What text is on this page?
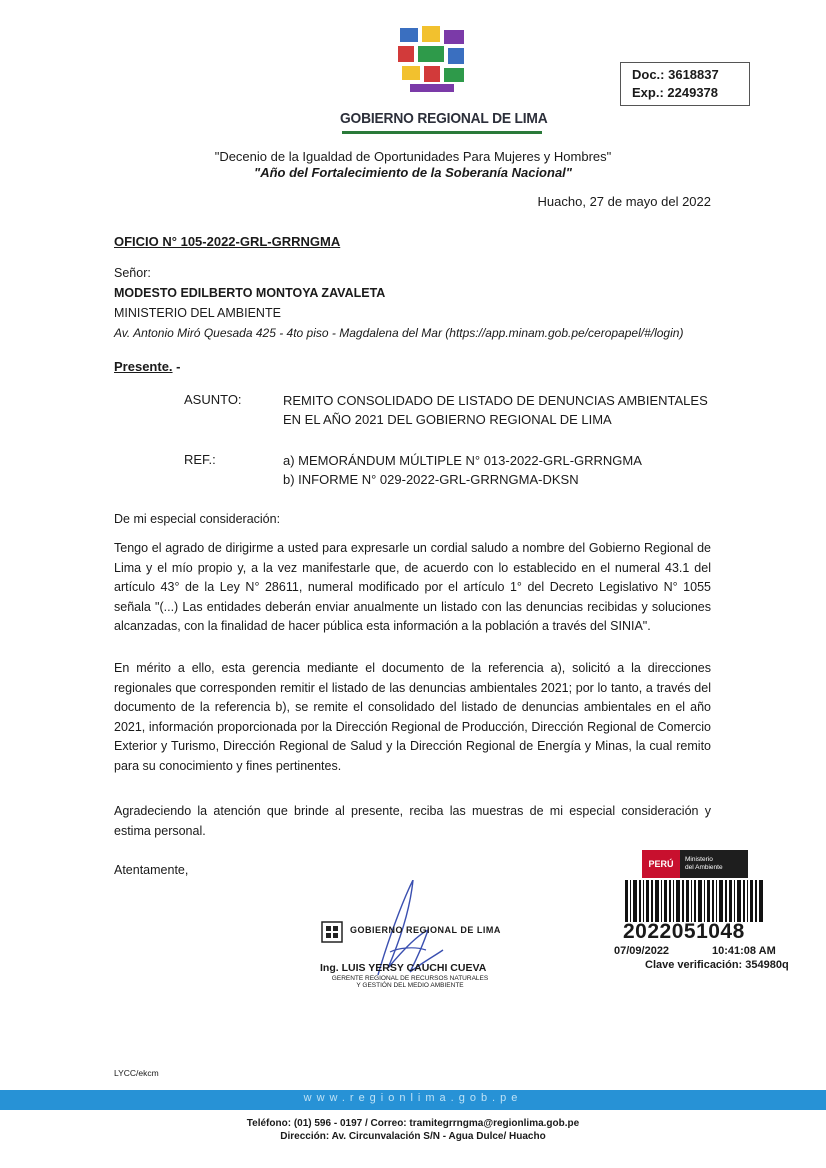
GOBIERNO REGIONAL DE LIMA
Doc.: 3618837
Exp.: 2249378
"Decenio de la Igualdad de Oportunidades Para Mujeres y Hombres"
"Año del Fortalecimiento de la Soberanía Nacional"
Huacho, 27 de mayo del 2022
OFICIO N° 105-2022-GRL-GRRNGMA
Señor:
MODESTO EDILBERTO MONTOYA ZAVALETA
MINISTERIO DEL AMBIENTE
Av. Antonio Miró Quesada 425 - 4to piso - Magdalena del Mar (https://app.minam.gob.pe/ceropapel/#/login)
Presente. -
ASUNTO:	REMITO CONSOLIDADO DE LISTADO DE DENUNCIAS AMBIENTALES
EN EL AÑO 2021 DEL GOBIERNO REGIONAL DE LIMA
REF.:	a) MEMORÁNDUM MÚLTIPLE N° 013-2022-GRL-GRRNGMA
b) INFORME N° 029-2022-GRL-GRRNGMA-DKSN
De mi especial consideración:
Tengo el agrado de dirigirme a usted para expresarle un cordial saludo a nombre del Gobierno Regional de Lima y el mío propio y, a la vez manifestarle que, de acuerdo con lo establecido en el numeral 43.1 del artículo 43° de la Ley N° 28611, numeral modificado por el artículo 1° del Decreto Legislativo N° 1055 señala "(...) Las entidades deberán enviar anualmente un listado con las denuncias recibidas y soluciones alcanzadas, con la finalidad de hacer pública esta información a la población a través del SINIA".
En mérito a ello, esta gerencia mediante el documento de la referencia a), solicitó a la direcciones regionales que corresponden remitir el listado de las denuncias ambientales 2021; por lo tanto, a través del documento de la referencia b), se remite el consolidado del listado de denuncias ambientales en el año 2021, información proporcionada por la Dirección Regional de Producción, Dirección Regional de Comercio Exterior y Turismo, Dirección Regional de Salud y la Dirección Regional de Energía y Minas, la cual remito para su conocimiento y fines pertinentes.
Agradeciendo la atención que brinde al presente, reciba las muestras de mi especial consideración y estima personal.
Atentamente,
GOBIERNO REGIONAL DE LIMA
Ing. LUIS YERSY CAUCHI CUEVA
GERENTE REGIONAL DE RECURSOS NATURALES
Y GESTIÓN DEL MEDIO AMBIENTE
PERÚ	Ministerio
del Ambiente
2022051048
07/09/2022	10:41:08 AM
Clave verificación: 354980q
LYCC/ekcm
www.regionlima.gob.pe
Teléfono: (01) 596 - 0197 / Correo: tramitegrrngma@regionlima.gob.pe
Dirección: Av. Circunvalación S/N - Agua Dulce/ Huacho
